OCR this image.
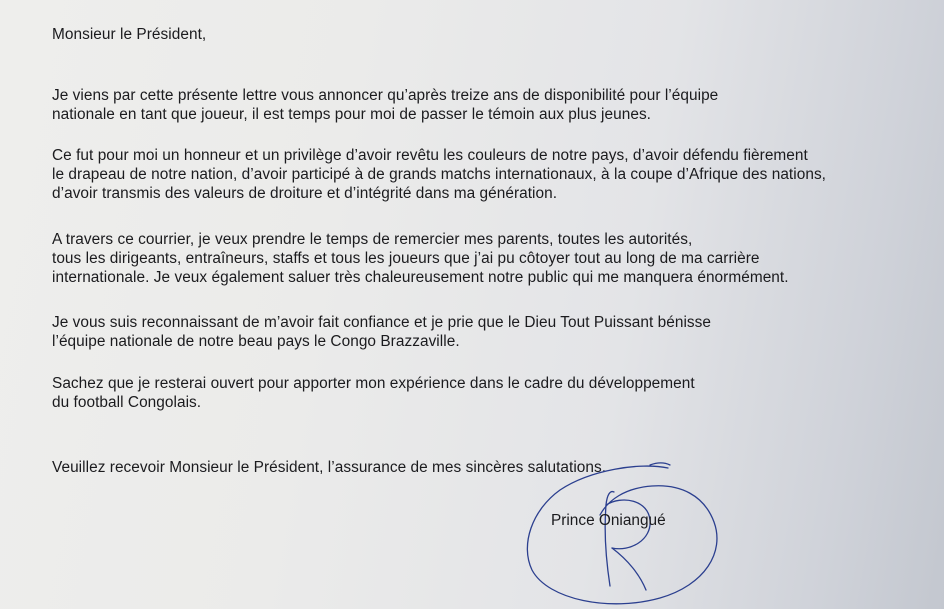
Monsieur le Président,
Je viens par cette présente lettre vous annoncer qu’après treize ans de disponibilité pour l’équipe
nationale en tant que joueur, il est temps pour moi de passer le témoin aux plus jeunes.
Ce fut pour moi un honneur et un privilège d’avoir revêtu les couleurs de notre pays, d’avoir défendu fièrement
le drapeau de notre nation, d’avoir participé à de grands matchs internationaux, à la coupe d’Afrique des nations,
d’avoir transmis des valeurs de droiture et d’intégrité dans ma génération.
A travers ce courrier, je veux prendre le temps de remercier mes parents, toutes les autorités,
tous les dirigeants, entraîneurs, staffs et tous les joueurs que j’ai pu côtoyer tout au long de ma carrière
internationale. Je veux également saluer très chaleureusement notre public qui me manquera énormément.
Je vous suis reconnaissant de m’avoir fait confiance et je prie que le Dieu Tout Puissant bénisse
l’équipe nationale de notre beau pays le Congo Brazzaville.
Sachez que je resterai ouvert pour apporter mon expérience dans le cadre du développement
du football Congolais.
Veuillez recevoir Monsieur le Président, l’assurance de mes sincères salutations.
Prince Oniangué
